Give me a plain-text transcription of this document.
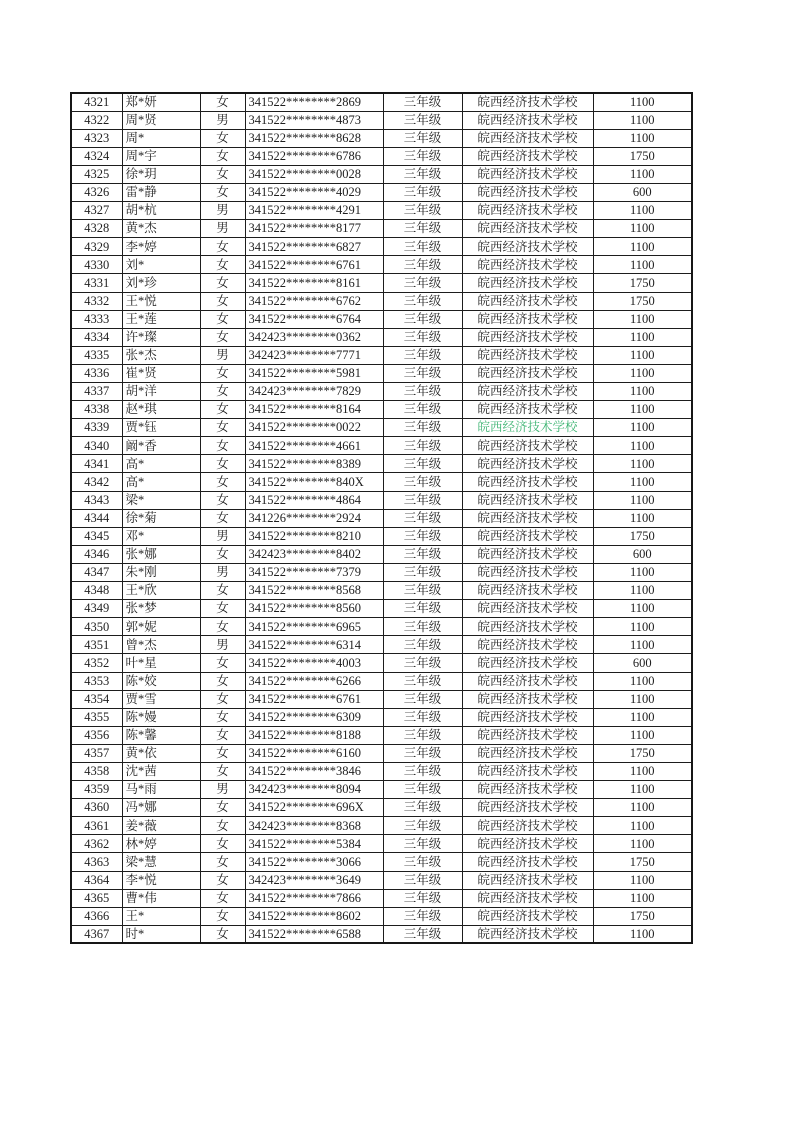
4321	郑*妍	女	341522********2869	三年级	皖西经济技术学校	1100
4322	周*贤	男	341522********4873	三年级	皖西经济技术学校	1100
4323	周*	女	341522********8628	三年级	皖西经济技术学校	1100
4324	周*宇	女	341522********6786	三年级	皖西经济技术学校	1750
4325	徐*玥	女	341522********0028	三年级	皖西经济技术学校	1100
4326	雷*静	女	341522********4029	三年级	皖西经济技术学校	600
4327	胡*杭	男	341522********4291	三年级	皖西经济技术学校	1100
4328	黄*杰	男	341522********8177	三年级	皖西经济技术学校	1100
4329	李*婷	女	341522********6827	三年级	皖西经济技术学校	1100
4330	刘*	女	341522********6761	三年级	皖西经济技术学校	1100
4331	刘*珍	女	341522********8161	三年级	皖西经济技术学校	1750
4332	王*悦	女	341522********6762	三年级	皖西经济技术学校	1750
4333	王*莲	女	341522********6764	三年级	皖西经济技术学校	1100
4334	许*璨	女	342423********0362	三年级	皖西经济技术学校	1100
4335	张*杰	男	342423********7771	三年级	皖西经济技术学校	1100
4336	崔*贤	女	341522********5981	三年级	皖西经济技术学校	1100
4337	胡*洋	女	342423********7829	三年级	皖西经济技术学校	1100
4338	赵*琪	女	341522********8164	三年级	皖西经济技术学校	1100
4339	贾*钰	女	341522********0022	三年级	皖西经济技术学校	1100
4340	阚*香	女	341522********4661	三年级	皖西经济技术学校	1100
4341	高*	女	341522********8389	三年级	皖西经济技术学校	1100
4342	高*	女	341522********840X	三年级	皖西经济技术学校	1100
4343	梁*	女	341522********4864	三年级	皖西经济技术学校	1100
4344	徐*菊	女	341226********2924	三年级	皖西经济技术学校	1100
4345	邓*	男	341522********8210	三年级	皖西经济技术学校	1750
4346	张*娜	女	342423********8402	三年级	皖西经济技术学校	600
4347	朱*刚	男	341522********7379	三年级	皖西经济技术学校	1100
4348	王*欣	女	341522********8568	三年级	皖西经济技术学校	1100
4349	张*梦	女	341522********8560	三年级	皖西经济技术学校	1100
4350	郭*妮	女	341522********6965	三年级	皖西经济技术学校	1100
4351	曾*杰	男	341522********6314	三年级	皖西经济技术学校	1100
4352	叶*星	女	341522********4003	三年级	皖西经济技术学校	600
4353	陈*姣	女	341522********6266	三年级	皖西经济技术学校	1100
4354	贾*雪	女	341522********6761	三年级	皖西经济技术学校	1100
4355	陈*嫚	女	341522********6309	三年级	皖西经济技术学校	1100
4356	陈*馨	女	341522********8188	三年级	皖西经济技术学校	1100
4357	黄*依	女	341522********6160	三年级	皖西经济技术学校	1750
4358	沈*茜	女	341522********3846	三年级	皖西经济技术学校	1100
4359	马*雨	男	342423********8094	三年级	皖西经济技术学校	1100
4360	冯*娜	女	341522********696X	三年级	皖西经济技术学校	1100
4361	姜*薇	女	342423********8368	三年级	皖西经济技术学校	1100
4362	林*婷	女	341522********5384	三年级	皖西经济技术学校	1100
4363	梁*慧	女	341522********3066	三年级	皖西经济技术学校	1750
4364	李*悦	女	342423********3649	三年级	皖西经济技术学校	1100
4365	曹*伟	女	341522********7866	三年级	皖西经济技术学校	1100
4366	王*	女	341522********8602	三年级	皖西经济技术学校	1750
4367	时*	女	341522********6588	三年级	皖西经济技术学校	1100
